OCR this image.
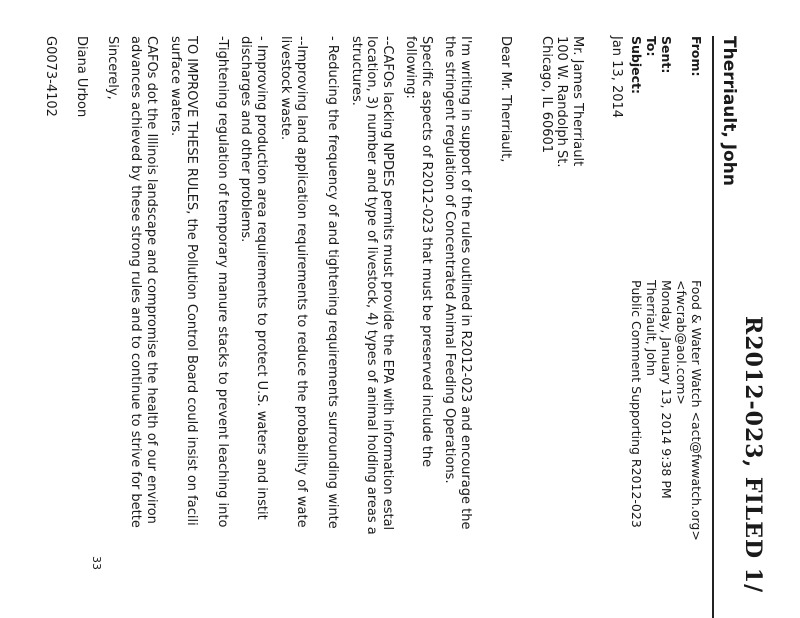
R2012-023, FILED 1/
Therriault, John
From:
Food & Water Watch <act@fwwatch.org>
<fwcrab@aol.com>
Sent:
Monday, January 13, 2014 9:38 PM
To:
Therriault, John
Subject:
Public Comment Supporting R2012-023
Jan 13, 2014
Mr. James Therriault
100 W. Randolph St.
Chicago, IL 60601
Dear Mr. Therriault,
I'm writing in support of the rules outlined in R2012-023 and encourage the
the stringent regulation of Concentrated Animal Feeding Operations.
Specific aspects of R2012-023 that must be preserved include the
following:
--CAFOs lacking NPDES permits must provide the EPA with information estal
location, 3) number and type of livestock, 4) types of animal holding areas a
structures.
- Reducing the frequency of and tightening requirements surrounding winte
--Improving land application requirements to reduce the probability of wate
livestock waste.
- Improving production area requirements to protect U.S. waters and instit
discharges and other problems.
-Tightening regulation of temporary manure stacks to prevent leaching into
TO IMPROVE THESE RULES, the Pollution Control Board could insist on facili
surface waters.
CAFOs dot the Illinois landscape and compromise the health of our environ
advances achieved by these strong rules and to continue to strive for bette
Sincerely,
Diana Urbon
G0073-4102
33
